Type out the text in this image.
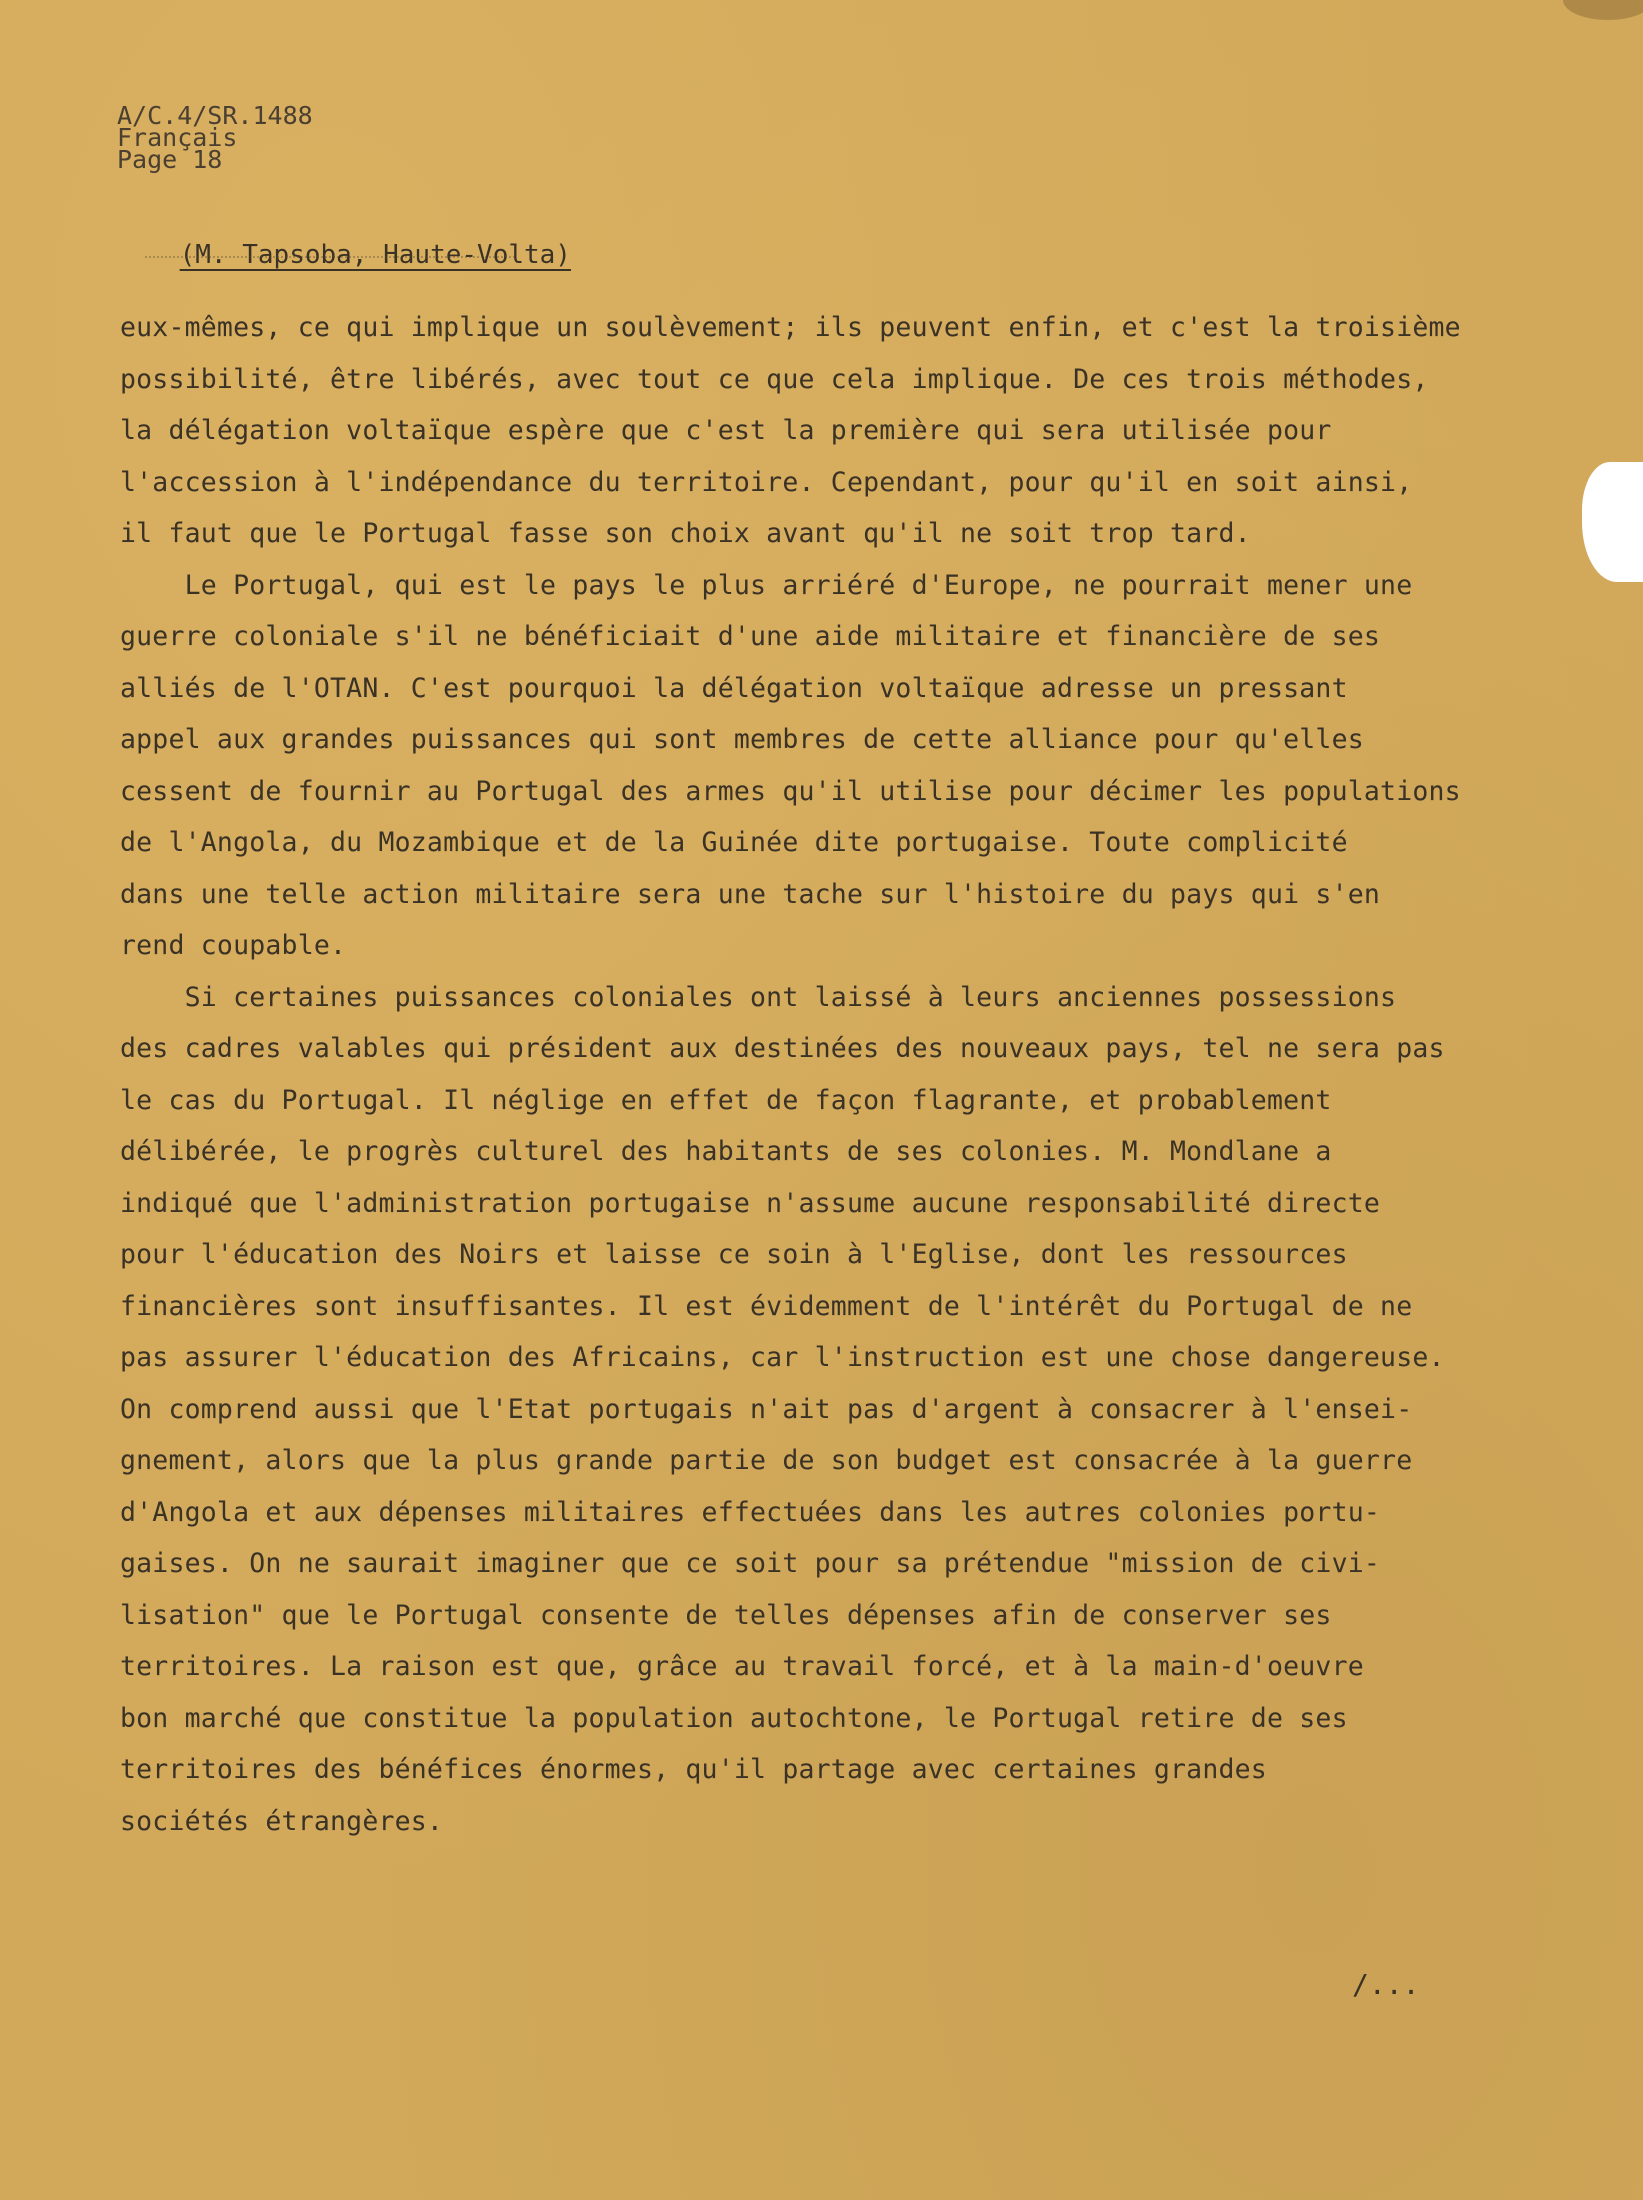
A/C.4/SR.1488
Français
Page 18

(M. Tapsoba, Haute-Volta)

eux-mêmes, ce qui implique un soulèvement; ils peuvent enfin, et c'est la troisième
possibilité, être libérés, avec tout ce que cela implique. De ces trois méthodes,
la délégation voltaïque espère que c'est la première qui sera utilisée pour
l'accession à l'indépendance du territoire. Cependant, pour qu'il en soit ainsi,
il faut que le Portugal fasse son choix avant qu'il ne soit trop tard.
Le Portugal, qui est le pays le plus arriéré d'Europe, ne pourrait mener une
guerre coloniale s'il ne bénéficiait d'une aide militaire et financière de ses
alliés de l'OTAN. C'est pourquoi la délégation voltaïque adresse un pressant
appel aux grandes puissances qui sont membres de cette alliance pour qu'elles
cessent de fournir au Portugal des armes qu'il utilise pour décimer les populations
de l'Angola, du Mozambique et de la Guinée dite portugaise. Toute complicité
dans une telle action militaire sera une tache sur l'histoire du pays qui s'en
rend coupable.
Si certaines puissances coloniales ont laissé à leurs anciennes possessions
des cadres valables qui président aux destinées des nouveaux pays, tel ne sera pas
le cas du Portugal. Il néglige en effet de façon flagrante, et probablement
délibérée, le progrès culturel des habitants de ses colonies. M. Mondlane a
indiqué que l'administration portugaise n'assume aucune responsabilité directe
pour l'éducation des Noirs et laisse ce soin à l'Eglise, dont les ressources
financières sont insuffisantes. Il est évidemment de l'intérêt du Portugal de ne
pas assurer l'éducation des Africains, car l'instruction est une chose dangereuse.
On comprend aussi que l'Etat portugais n'ait pas d'argent à consacrer à l'ensei-
gnement, alors que la plus grande partie de son budget est consacrée à la guerre
d'Angola et aux dépenses militaires effectuées dans les autres colonies portu-
gaises. On ne saurait imaginer que ce soit pour sa prétendue "mission de civi-
lisation" que le Portugal consente de telles dépenses afin de conserver ses
territoires. La raison est que, grâce au travail forcé, et à la main-d'oeuvre
bon marché que constitue la population autochtone, le Portugal retire de ses
territoires des bénéfices énormes, qu'il partage avec certaines grandes
sociétés étrangères.
/...
